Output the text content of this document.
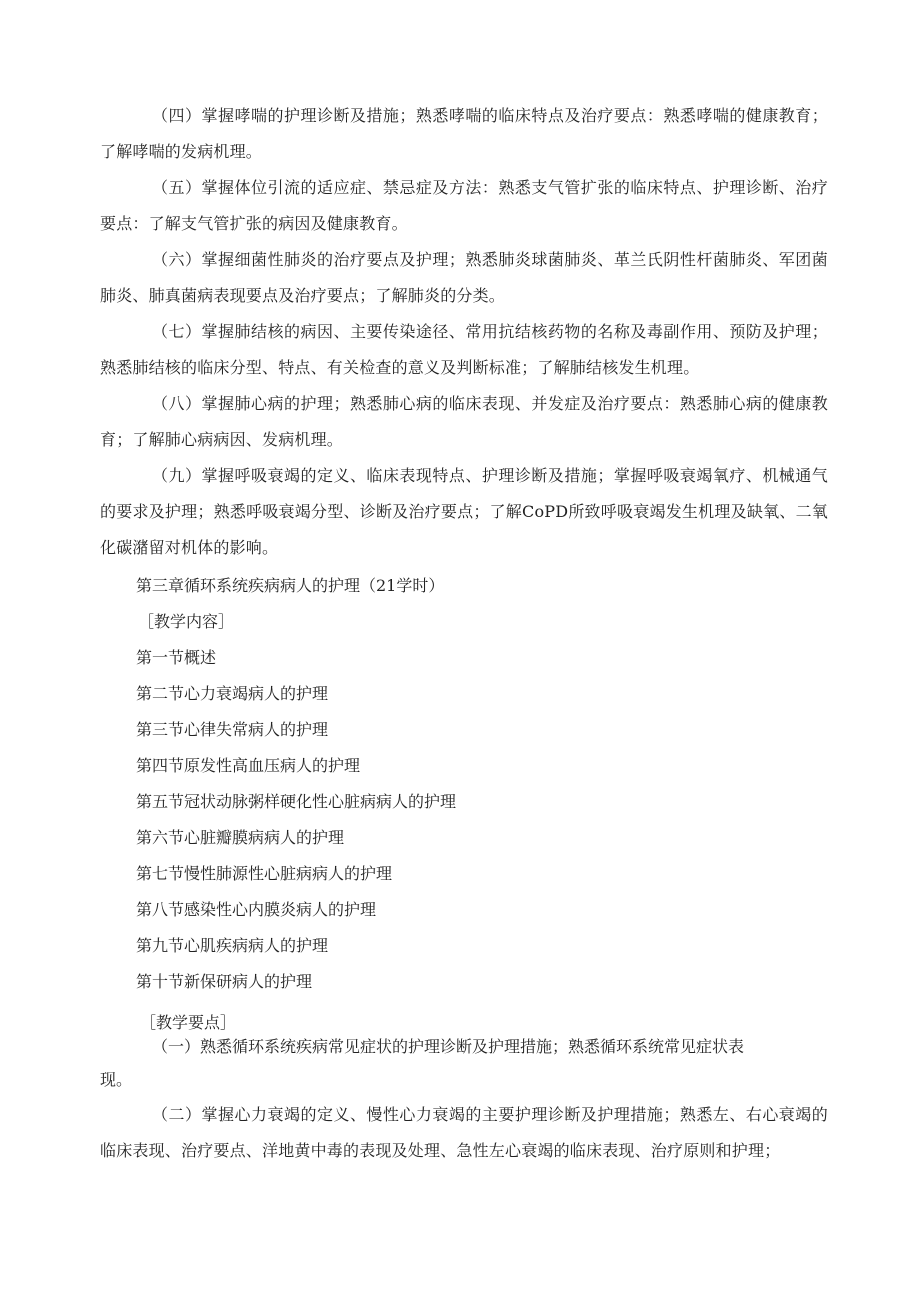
（四）掌握哮喘的护理诊断及措施；熟悉哮喘的临床特点及治疗要点：熟悉哮喘的健康教育；了解哮喘的发病机理。

（五）掌握体位引流的适应症、禁忌症及方法：熟悉支气管扩张的临床特点、护理诊断、治疗要点：了解支气管扩张的病因及健康教育。

（六）掌握细菌性肺炎的治疗要点及护理；熟悉肺炎球菌肺炎、革兰氏阴性杆菌肺炎、军团菌肺炎、肺真菌病表现要点及治疗要点；了解肺炎的分类。

（七）掌握肺结核的病因、主要传染途径、常用抗结核药物的名称及毒副作用、预防及护理；熟悉肺结核的临床分型、特点、有关检查的意义及判断标准；了解肺结核发生机理。

（八）掌握肺心病的护理；熟悉肺心病的临床表现、并发症及治疗要点：熟悉肺心病的健康教育；了解肺心病病因、发病机理。

（九）掌握呼吸衰竭的定义、临床表现特点、护理诊断及措施；掌握呼吸衰竭氧疗、机械通气的要求及护理；熟悉呼吸衰竭分型、诊断及治疗要点；了解CoPD所致呼吸衰竭发生机理及缺氧、二氧化碳潴留对机体的影响。

第三章循环系统疾病病人的护理（21学时）

［教学内容］

第一节概述

第二节心力衰竭病人的护理

第三节心律失常病人的护理

第四节原发性高血压病人的护理

第五节冠状动脉粥样硬化性心脏病病人的护理

第六节心脏瓣膜病病人的护理

第七节慢性肺源性心脏病病人的护理

第八节感染性心内膜炎病人的护理

第九节心肌疾病病人的护理

第十节新保研病人的护理

［教学要点］

（一）熟悉循环系统疾病常见症状的护理诊断及护理措施；熟悉循环系统常见症状表

现。

（二）掌握心力衰竭的定义、慢性心力衰竭的主要护理诊断及护理措施；熟悉左、右心衰竭的临床表现、治疗要点、洋地黄中毒的表现及处理、急性左心衰竭的临床表现、治疗原则和护理；
